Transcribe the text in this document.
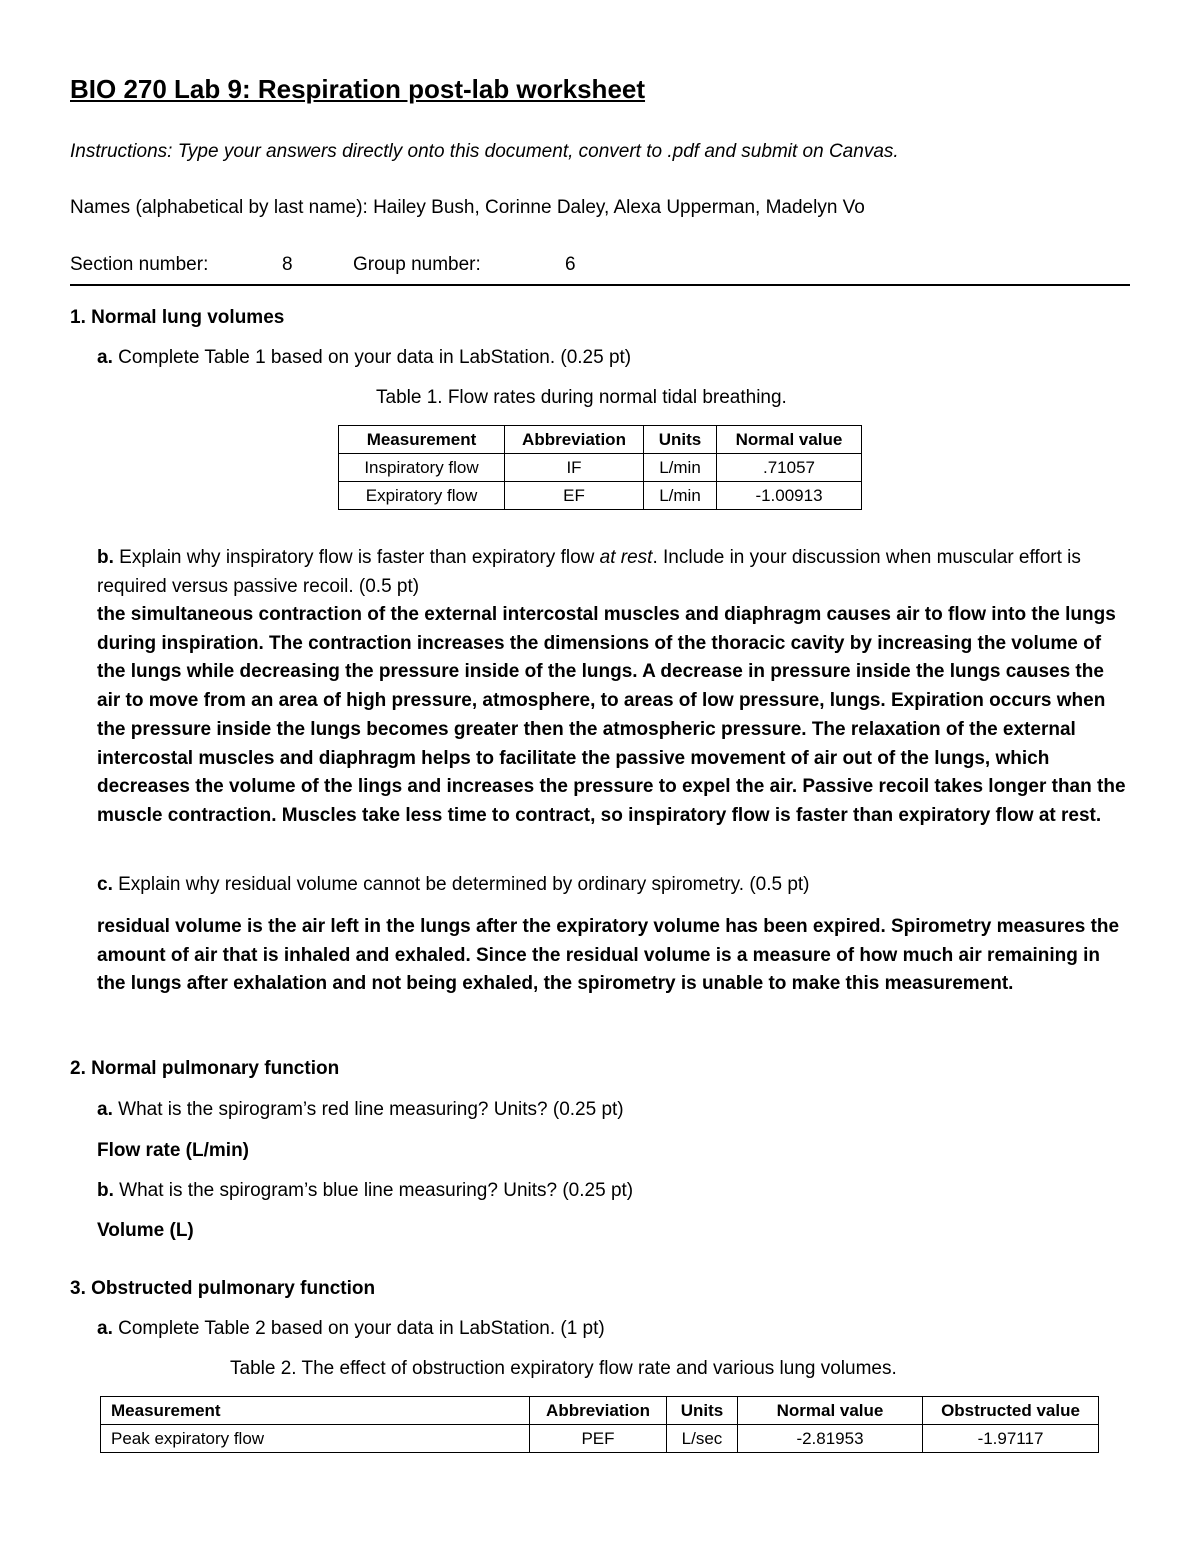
BIO 270 Lab 9: Respiration post-lab worksheet
Instructions: Type your answers directly onto this document, convert to .pdf and submit on Canvas.
Names (alphabetical by last name): Hailey Bush, Corinne Daley, Alexa Upperman, Madelyn Vo
Section number:	8	Group number:	6
1. Normal lung volumes
a. Complete Table 1 based on your data in LabStation. (0.25 pt)
Table 1. Flow rates during normal tidal breathing.
Measurement	Abbreviation	Units	Normal value
Inspiratory flow	IF	L/min	.71057
Expiratory flow	EF	L/min	-1.00913
b. Explain why inspiratory flow is faster than expiratory flow at rest. Include in your discussion when muscular effort is required versus passive recoil. (0.5 pt)
the simultaneous contraction of the external intercostal muscles and diaphragm causes air to flow into the lungs during inspiration. The contraction increases the dimensions of the thoracic cavity by increasing the volume of the lungs while decreasing the pressure inside of the lungs. A decrease in pressure inside the lungs causes the air to move from an area of high pressure, atmosphere, to areas of low pressure, lungs. Expiration occurs when the pressure inside the lungs becomes greater then the atmospheric pressure. The relaxation of the external intercostal muscles and diaphragm helps to facilitate the passive movement of air out of the lungs, which decreases the volume of the lings and increases the pressure to expel the air. Passive recoil takes longer than the muscle contraction. Muscles take less time to contract, so inspiratory flow is faster than expiratory flow at rest.
c. Explain why residual volume cannot be determined by ordinary spirometry. (0.5 pt)
residual volume is the air left in the lungs after the expiratory volume has been expired. Spirometry measures the amount of air that is inhaled and exhaled. Since the residual volume is a measure of how much air remaining in the lungs after exhalation and not being exhaled, the spirometry is unable to make this measurement.
2. Normal pulmonary function
a. What is the spirogram’s red line measuring? Units? (0.25 pt)
Flow rate (L/min)
b. What is the spirogram’s blue line measuring? Units? (0.25 pt)
Volume (L)
3. Obstructed pulmonary function
a. Complete Table 2 based on your data in LabStation. (1 pt)
Table 2. The effect of obstruction expiratory flow rate and various lung volumes.
Measurement	Abbreviation	Units	Normal value	Obstructed value
Peak expiratory flow	PEF	L/sec	-2.81953	-1.97117
